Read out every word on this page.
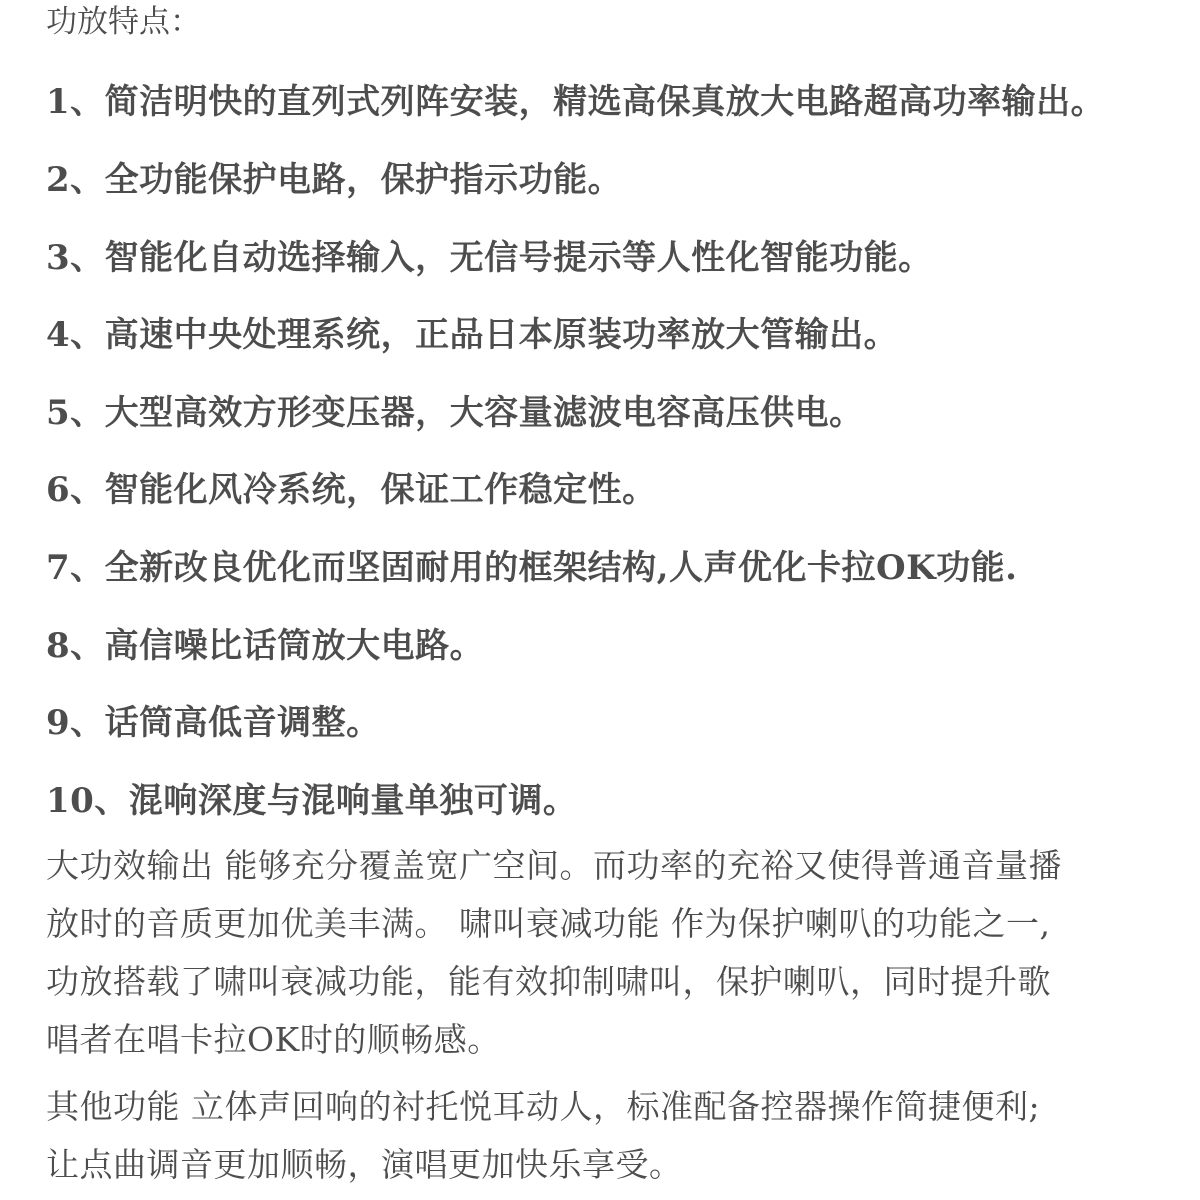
功放特点：
1、简洁明快的直列式列阵安装，精选高保真放大电路超高功率输出。
2、全功能保护电路，保护指示功能。
3、智能化自动选择输入，无信号提示等人性化智能功能。
4、高速中央处理系统，正品日本原装功率放大管输出。
5、大型高效方形变压器，大容量滤波电容高压供电。
6、智能化风冷系统，保证工作稳定性。
7、全新改良优化而坚固耐用的框架结构,人声优化卡拉OK功能.
8、高信噪比话筒放大电路。
9、话筒高低音调整。
10、混响深度与混响量单独可调。
大功效输出 能够充分覆盖宽广空间。而功率的充裕又使得普通音量播
放时的音质更加优美丰满。 啸叫衰减功能 作为保护喇叭的功能之一,
功放搭载了啸叫衰减功能，能有效抑制啸叫，保护喇叭，同时提升歌
唱者在唱卡拉OK时的顺畅感。
其他功能 立体声回响的衬托悦耳动人，标准配备控器操作简捷便利;
让点曲调音更加顺畅，演唱更加快乐享受。
